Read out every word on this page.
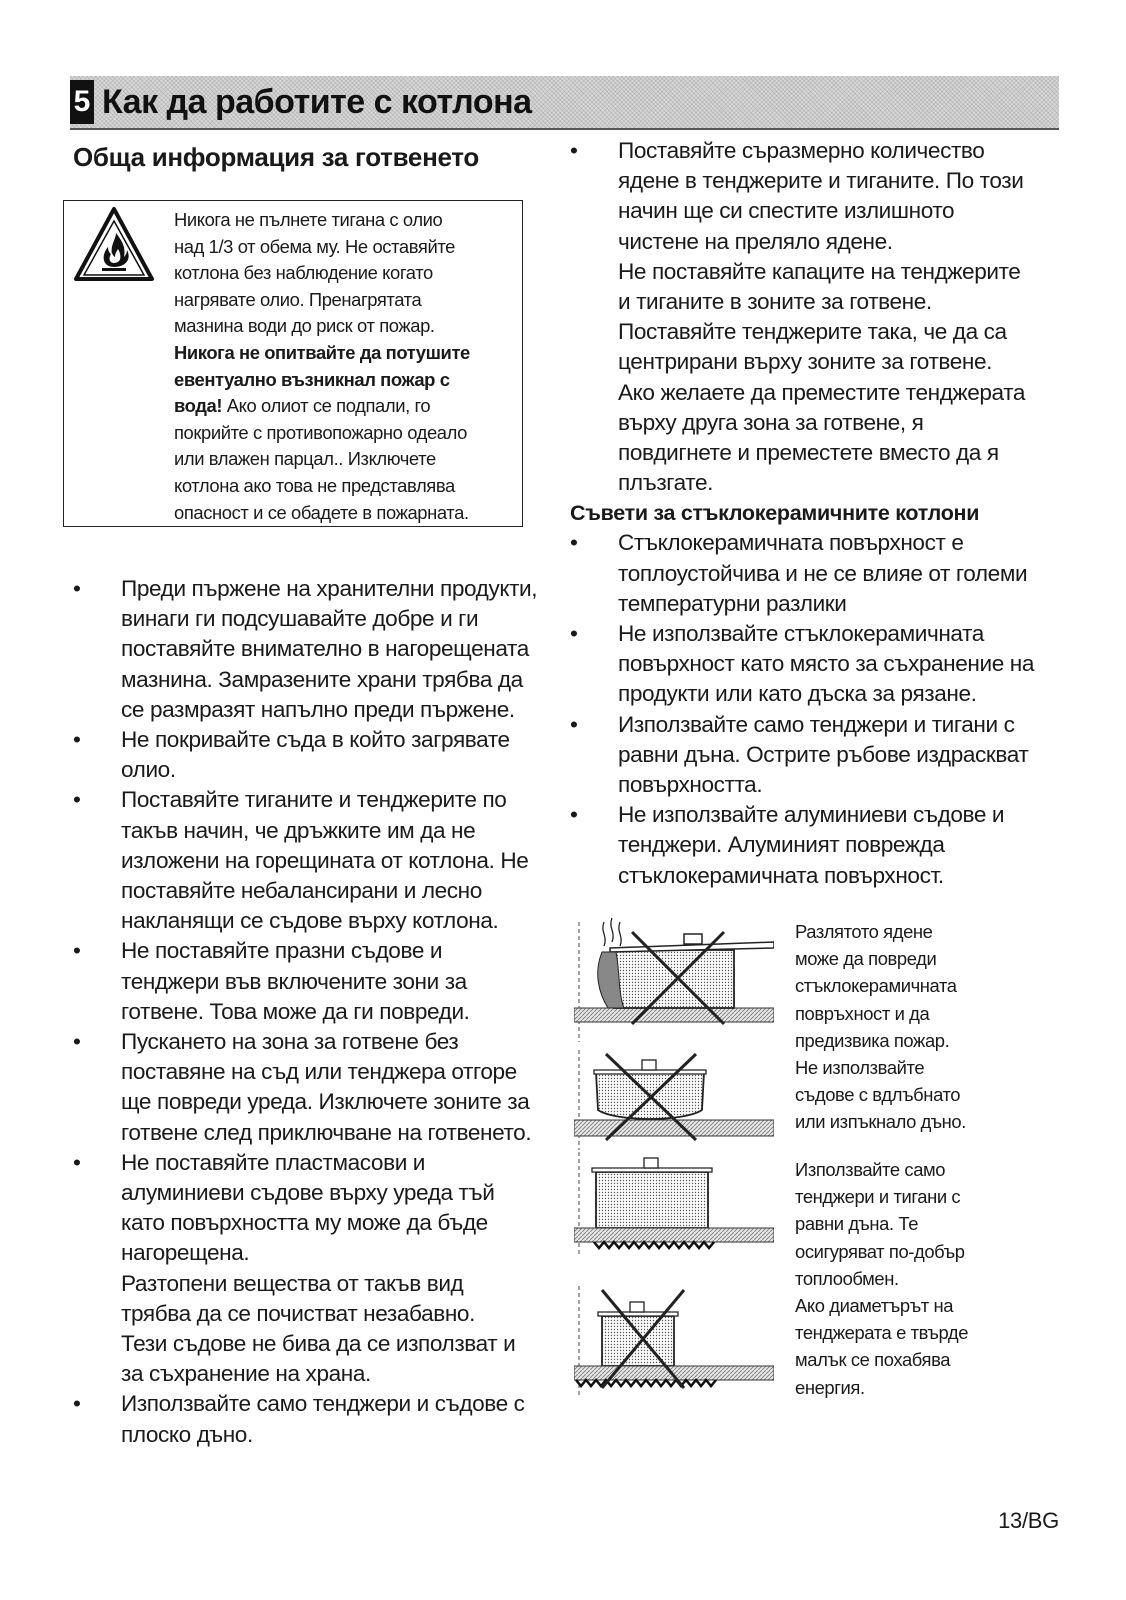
5 Как да работите с котлона
Обща информация за готвенето
Никога не пълнете тигана с олио
над 1/3 от обема му. Не оставяйте
котлона без наблюдение когато
нагрявате олио. Пренагрятата
мазнина води до риск от пожар.
Никога не опитвайте да потушите
евентуално възникнал пожар с
вода! Ако олиот се подпали, го
покрийте с противопожарно одеало
или влажен парцал.. Изключете
котлона ако това не представлява
опасност и се обадете в пожарната.
•	Преди пържене на хранителни продукти,
винаги ги подсушавайте добре и ги
поставяйте внимателно в нагорещената
мазнина. Замразените храни трябва да
се размразят напълно преди пържене.
•	Не покривайте съда в който загрявате
олио.
•	Поставяйте тиганите и тенджерите по
такъв начин, че дръжките им да не
изложени на горещината от котлона. Не
поставяйте небалансирани и лесно
накланящи се съдове върху котлона.
•	Не поставяйте празни съдове и
тенджери във включените зони за
готвене. Това може да ги повреди.
•	Пускането на зона за готвене без
поставяне на съд или тенджера отгоре
ще повреди уреда. Изключете зоните за
готвене след приключване на готвенето.
•	Не поставяйте пластмасови и
алуминиеви съдове върху уреда тъй
като повърхността му може да бъде
нагорещена.
Разтопени вещества от такъв вид
трябва да се почистват незабавно.
Тези съдове не бива да се използват и
за съхранение на храна.
•	Използвайте само тенджери и съдове с
плоско дъно.
•	Поставяйте съразмерно количество
ядене в тенджерите и тиганите. По този
начин ще си спестите излишното
чистене на преляло ядене.
Не поставяйте капаците на тенджерите
и тиганите в зоните за готвене.
Поставяйте тенджерите така, че да са
центрирани върху зоните за готвене.
Ако желаете да преместите тенджерата
върху друга зона за готвене, я
повдигнете и преместете вместо да я
плъзгате.

Съвети за стъклокерамичните котлони

•	Стъклокерамичната повърхност е
топлоустойчива и не се влияе от големи
температурни разлики
•	Не използвайте стъклокерамичната
повърхност като място за съхранение на
продукти или като дъска за рязане.
•	Използвайте само тенджери и тигани с
равни дъна. Острите ръбове издраскват
повърхността.
•	Не използвайте алуминиеви съдове и
тенджери. Алуминият поврежда
стъклокерамичната повърхност.
Разлятото ядене
може да повреди
стъклокерамичната
повръхност и да
предизвика пожар.
Не използвайте
съдове с вдлъбнато
или изпъкнало дъно.
Използвайте само
тенджери и тигани с
равни дъна. Те
осигуряват по-добър
топлообмен.
Ако диаметърът на
тенджерата е твърде
малък се похабява
енергия.
13/BG
